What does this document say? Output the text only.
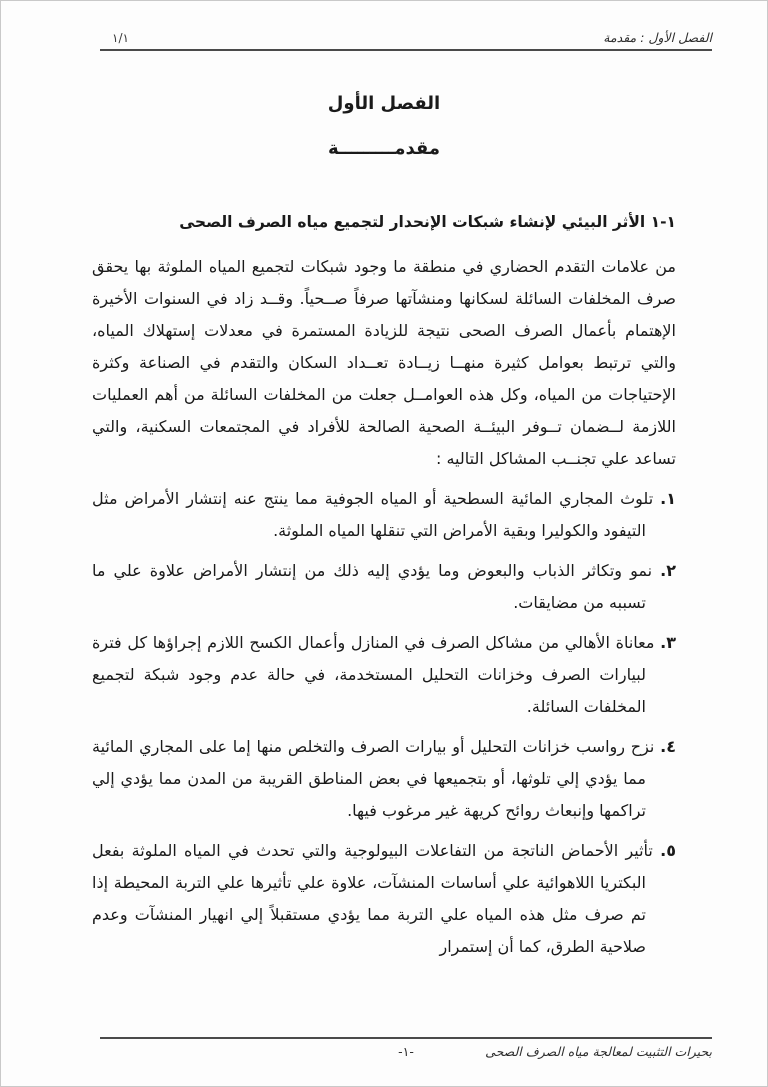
١/١	الفصل الأول : مقدمة
الفصل الأول
مقدمـــــــــة
١-١ الأثر البيئي لإنشاء شبكات الإنحدار لتجميع مياه الصرف الصحى

من علامات التقدم الحضاري في منطقة ما وجود شبكات لتجميع المياه الملوثة بها يحقق صرف المخلفات السائلة لسكانها ومنشآتها صرفاً صــحياً. وقــد زاد في السنوات الأخيرة الإهتمام بأعمال الصرف الصحى نتيجة للزيادة المستمرة في معدلات إستهلاك المياه، والتي ترتبط بعوامل كثيرة منهــا زيــادة تعــداد السكان والتقدم في الصناعة وكثرة الإحتياجات من المياه، وكل هذه العوامــل جعلت من المخلفات السائلة من أهم العمليات اللازمة لــضمان تــوفر البيئــة الصحية الصالحة للأفراد في المجتمعات السكنية، والتي تساعد علي تجنــب المشاكل التاليه :

١. تلوث المجاري المائية السطحية أو المياه الجوفية مما ينتج عنه إنتشار الأمراض مثل التيفود والكوليرا وبقية الأمراض التي تنقلها المياه الملوثة.

٢. نمو وتكاثر الذباب والبعوض وما يؤدي إليه ذلك من إنتشار الأمراض علاوة علي ما تسببه من مضايقات.

٣. معاناة الأهالي من مشاكل الصرف في المنازل وأعمال الكسح اللازم إجراؤها كل فترة لبيارات الصرف وخزانات التحليل المستخدمة، في حالة عدم وجود شبكة لتجميع المخلفات السائلة.

٤. نزح رواسب خزانات التحليل أو بيارات الصرف والتخلص منها إما على المجاري المائية مما يؤدي إلي تلوثها، أو بتجميعها في بعض المناطق القريبة من المدن مما يؤدي إلي تراكمها وإنبعاث روائح كريهة غير مرغوب فيها.

٥. تأثير الأحماض الناتجة من التفاعلات البيولوجية والتي تحدث في المياه الملوثة بفعل البكتريا اللاهوائية علي أساسات المنشآت، علاوة علي تأثيرها علي التربة المحيطة إذا تم صرف مثل هذه المياه علي التربة مما يؤدي مستقبلاً إلي انهيار المنشآت وعدم صلاحية الطرق، كما أن إستمرار

-١-	بحيرات التثبيت لمعالجة مياه الصرف الصحى
